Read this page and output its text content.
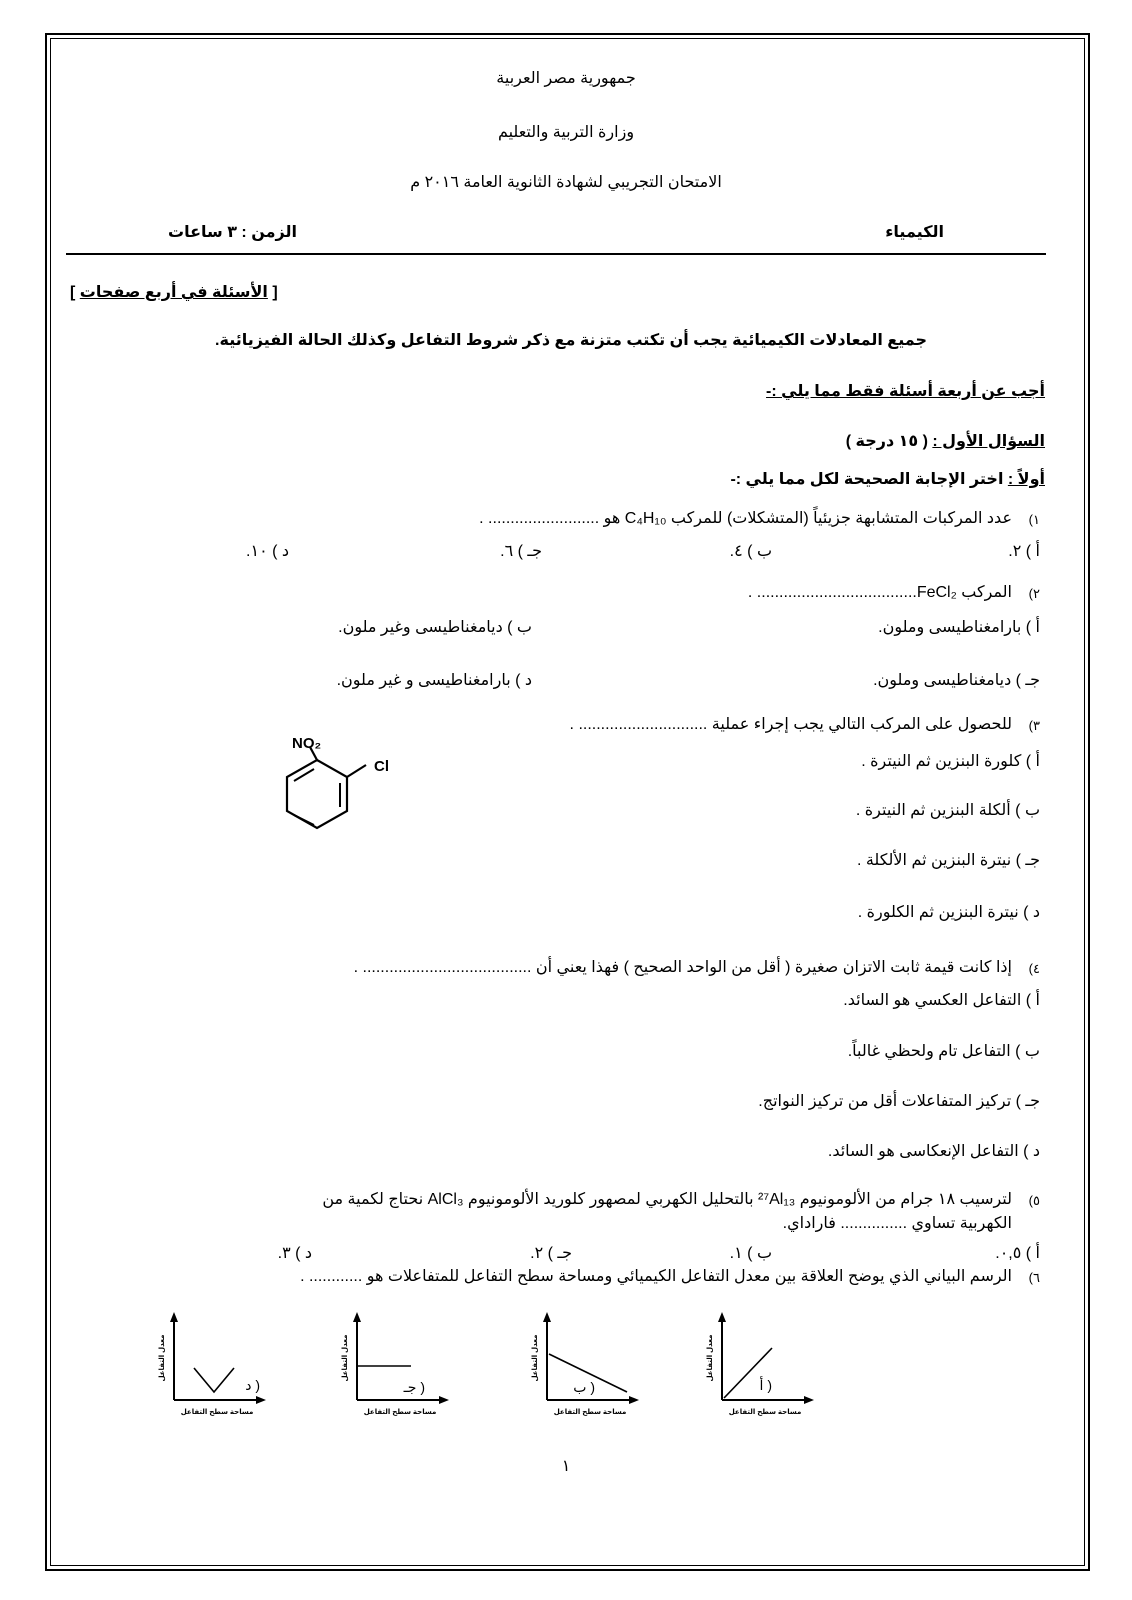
جمهورية مصر العربية
وزارة التربية والتعليم
الامتحان التجريبي لشهادة الثانوية العامة ٢٠١٦ م
الكيمياء
الزمن : ٣ ساعات
[ الأسئلة في أربع صفحات ]
جميع المعادلات الكيميائية يجب أن تكتب متزنة مع ذكر شروط التفاعل وكذلك الحالة الفيزيائية.
أجب عن أربعة أسئلة فقط مما يلي :-
السؤال الأول : ( ١٥ درجة )
أولاً : اختر الإجابة الصحيحة لكل مما يلي :-
١)
عدد المركبات المتشابهة جزيئياً (المتشكلات) للمركب C₄H₁₀ هو ......................... .
أ ) ٢.
ب ) ٤.
جـ ) ٦.
د ) ١٠.
٢)
المركب FeCl₂.................................... .
أ ) بارامغناطيسى وملون.
ب ) ديامغناطيسى وغير ملون.
جـ ) ديامغناطيسى وملون.
د ) بارامغناطيسى و غير ملون.
٣)
للحصول على المركب التالي يجب إجراء عملية ............................. .
أ ) كلورة البنزين ثم النيترة .
ب ) ألكلة البنزين ثم النيترة .
جـ ) نيترة البنزين ثم الألكلة .
د ) نيترة البنزين ثم الكلورة .
NO₂
Cl
٤)
إذا كانت قيمة ثابت الاتزان صغيرة ( أقل من الواحد الصحيح ) فهذا يعني أن ...................................... .
أ ) التفاعل العكسي هو السائد.
ب ) التفاعل تام ولحظي غالباً.
جـ ) تركيز المتفاعلات أقل من تركيز النواتج.
د ) التفاعل الإنعكاسى هو السائد.
٥)
لترسيب ١٨ جرام من الألومونيوم ²⁷Al₁₃ بالتحليل الكهربي لمصهور كلوريد الألومونيوم AlCl₃ نحتاج لكمية من
الكهربية تساوي ............... فاراداي.
أ ) ٠,٥.
ب ) ١.
جـ ) ٢.
د ) ٣.
٦)
الرسم البياني الذي يوضح العلاقة بين معدل التفاعل الكيميائي ومساحة سطح التفاعل للمتفاعلات هو ............ .
أ )
مساحة سطح التفاعل
معدل التفاعل
ب )
مساحة سطح التفاعل
معدل التفاعل
جـ )
مساحة سطح التفاعل
معدل التفاعل
د )
مساحة سطح التفاعل
معدل التفاعل
١
